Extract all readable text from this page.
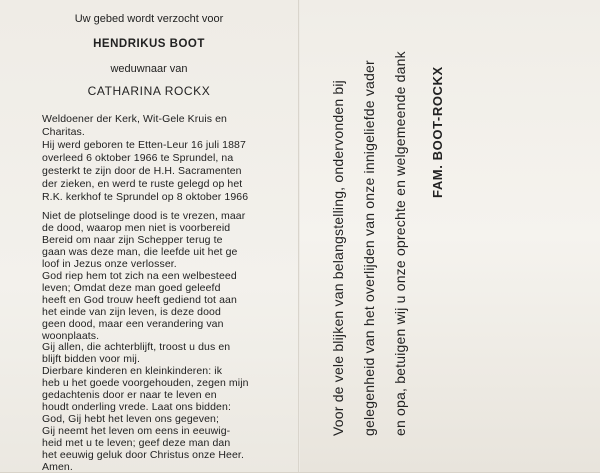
Uw gebed wordt verzocht voor
HENDRIKUS BOOT
weduwnaar van
CATHARINA ROCKX
Weldoener der Kerk, Wit-Gele Kruis en
Charitas.
Hij werd geboren te Etten-Leur 16 juli 1887
overleed 6 oktober 1966 te Sprundel, na
gesterkt te zijn door de H.H. Sacramenten
der zieken, en werd te ruste gelegd op het
R.K. kerkhof te Sprundel op 8 oktober 1966
Niet de plotselinge dood is te vrezen, maar
de dood, waarop men niet is voorbereid
Bereid om naar zijn Schepper terug te
gaan was deze man, die leefde uit het ge
loof in Jezus onze verlosser.
God riep hem tot zich na een welbesteed
leven; Omdat deze man goed geleefd
heeft en God trouw heeft gediend tot aan
het einde van zijn leven, is deze dood
geen dood, maar een verandering van
woonplaats.
Gij allen, die achterblijft, troost u dus en
blijft bidden voor mij.
Dierbare kinderen en kleinkinderen: ik
heb u het goede voorgehouden, zegen mijn
gedachtenis door er naar te leven en
houdt onderling vrede. Laat ons bidden:
God, Gij hebt het leven ons gegeven;
Gij neemt het leven om eens in eeuwig-
heid met u te leven; geef deze man dan
het eeuwig geluk door Christus onze Heer.
Amen.
Voor de vele blijken van belangstelling, ondervonden bij gelegenheid van het overlijden van onze innigeliefde vader en opa, betuigen wij u onze oprechte en welgemeende dank FAM. BOOT-ROCKX
